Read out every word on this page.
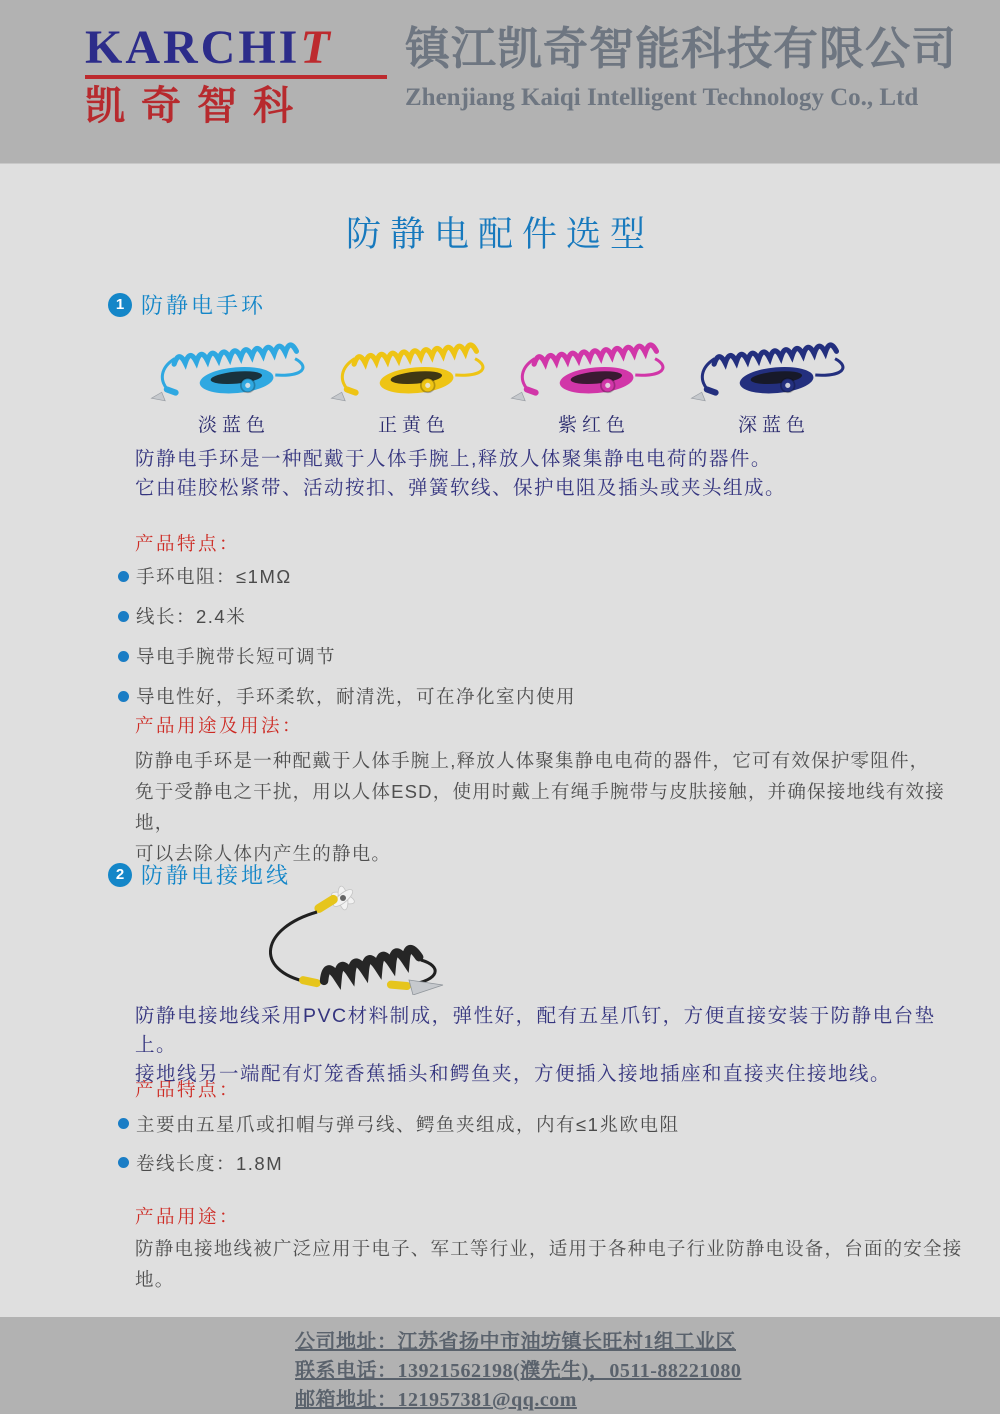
KARCHIT
凯奇智科
镇江凯奇智能科技有限公司
Zhenjiang Kaiqi Intelligent Technology Co., Ltd
防静电配件选型
1 防静电手环
淡蓝色	正黄色	紫红色	深蓝色
防静电手环是一种配戴于人体手腕上,释放人体聚集静电电荷的器件。
它由硅胶松紧带、活动按扣、弹簧软线、保护电阻及插头或夹头组成。
产品特点：
手环电阻：≤1MΩ
线长：2.4米
导电手腕带长短可调节
导电性好，手环柔软，耐清洗，可在净化室内使用
产品用途及用法：
防静电手环是一种配戴于人体手腕上,释放人体聚集静电电荷的器件，它可有效保护零阻件，
免于受静电之干扰，用以人体ESD，使用时戴上有绳手腕带与皮肤接触，并确保接地线有效接地，
可以去除人体内产生的静电。
2 防静电接地线
防静电接地线采用PVC材料制成，弹性好，配有五星爪钉，方便直接安装于防静电台垫上。
接地线另一端配有灯笼香蕉插头和鳄鱼夹，方便插入接地插座和直接夹住接地线。
产品特点：
主要由五星爪或扣帽与弹弓线、鳄鱼夹组成，内有≤1兆欧电阻
卷线长度：1.8M
产品用途：
防静电接地线被广泛应用于电子、军工等行业，适用于各种电子行业防静电设备，台面的安全接地。
公司地址：江苏省扬中市油坊镇长旺村1组工业区
联系电话：13921562198(濮先生)，0511-88221080
邮箱地址：121957381@qq.com
